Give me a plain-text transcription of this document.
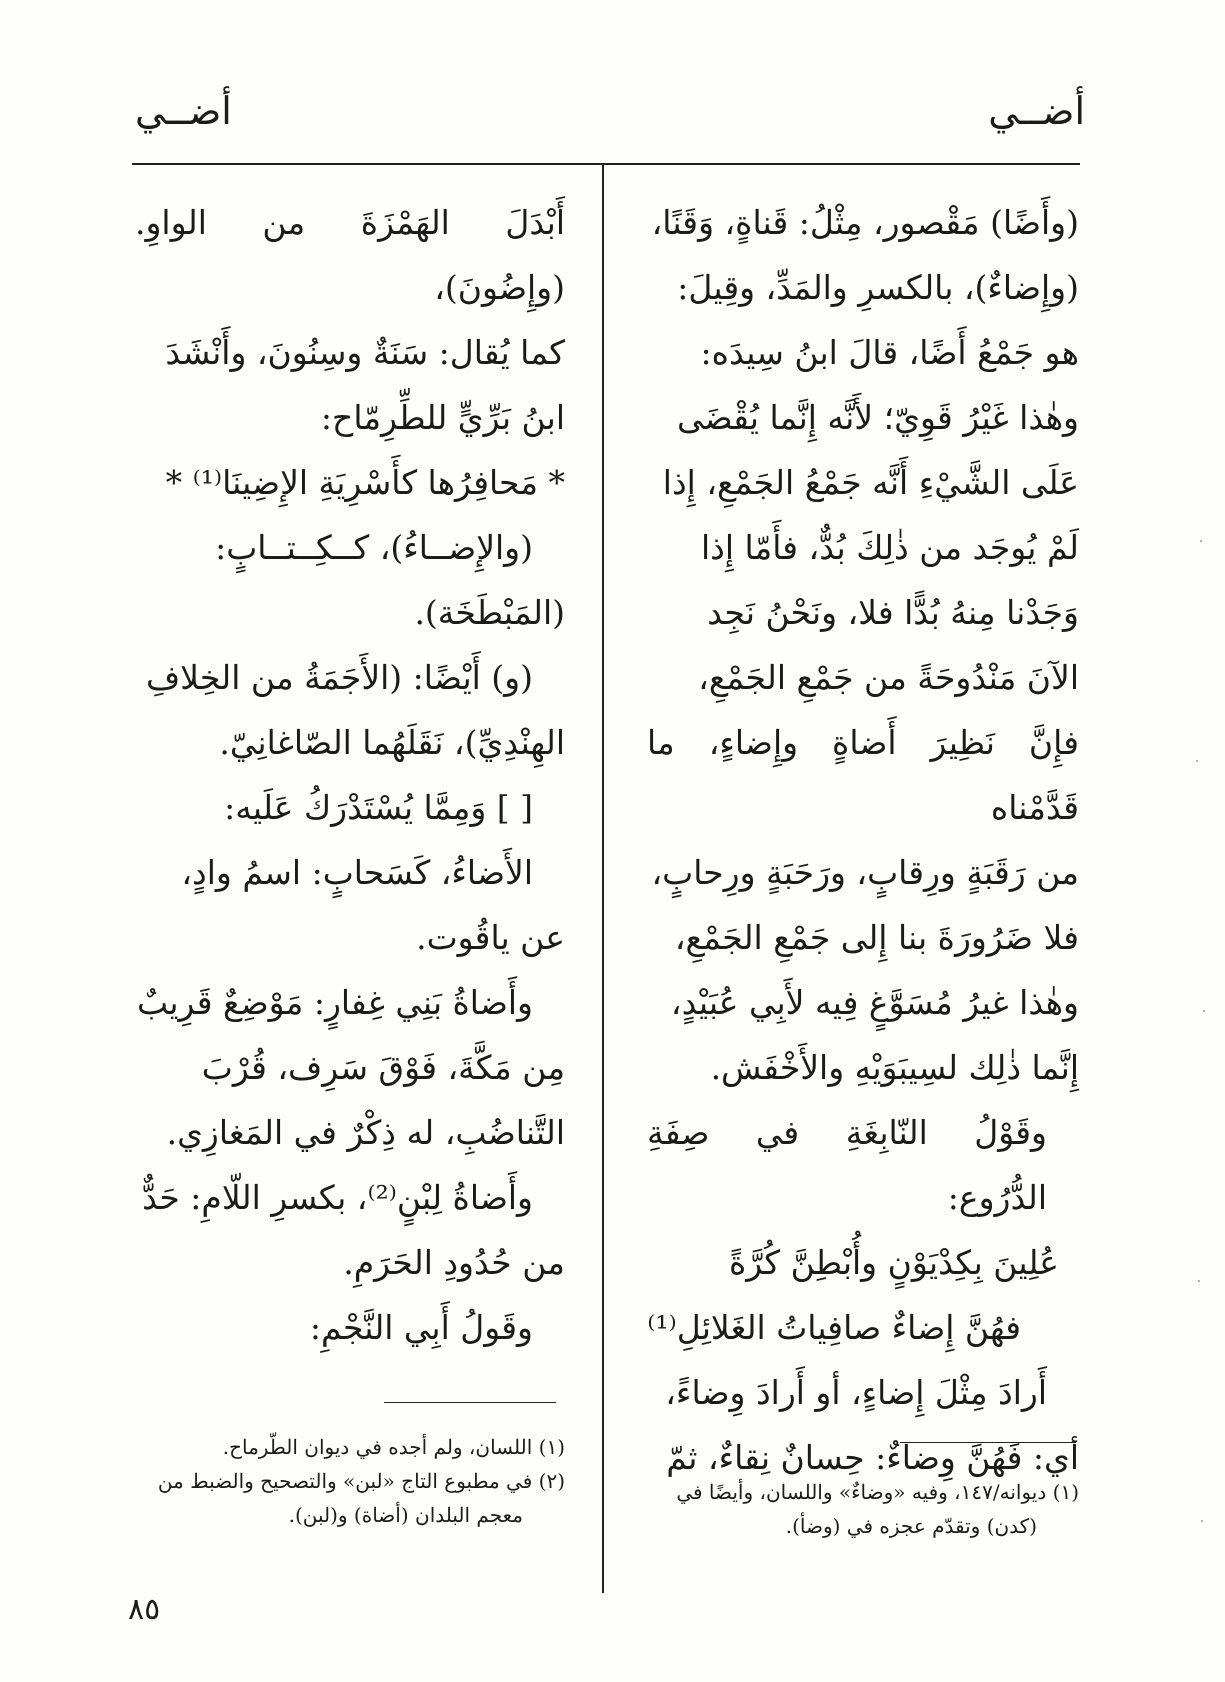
أضــي
أضــي

(وأَضًا) مَقْصور، مِثْلُ: قَناةٍ، وَقَنًا،

(وإِضاءٌ)، بالكسرِ والمَدِّ، وقِيلَ:

هو جَمْعُ أَضًا، قالَ ابنُ سِيدَه:

وهٰذا غَيْرُ قَوِيّ؛ لأَنَّه إِنَّما يُقْضَى

عَلَى الشَّيْءِ أَنَّه جَمْعُ الجَمْعِ، إِذا

لَمْ يُوجَد من ذٰلِكَ بُدٌّ، فأَمّا إِذا

وَجَدْنا مِنهُ بُدًّا فلا، ونَحْنُ نَجِد

الآنَ مَنْدُوحَةً من جَمْعِ الجَمْعِ،

فإِنَّ نَظِيرَ أَضاةٍ وإِضاءٍ، ما قَدَّمْناه

من رَقَبَةٍ ورِقابٍ، ورَحَبَةٍ ورِحابٍ،

فلا ضَرُورَةَ بنا إِلى جَمْعِ الجَمْعِ،

وهٰذا غيرُ مُسَوَّغٍ فِيه لأَبِي عُبَيْدٍ،

إِنَّما ذٰلِك لسِيبَوَيْهِ والأَخْفَش.

وقَوْلُ النّابِغَةِ في صِفَةِ الدُّرُوع:

عُلِينَ بِكِدْيَوْنٍ وأُبْطِنَّ كُرَّةً

فهُنَّ إِضاءٌ صافِياتُ الغَلائِلِ⁽¹⁾

أَرادَ مِثْلَ إِضاءٍ، أو أَرادَ وِضاءً،

أي: فَهُنَّ وِضاءٌ: حِسانٌ نِقاءٌ، ثمّ

أَبْدَلَ الهَمْزَةَ من الواوِ. (وإِضُونَ)،

كما يُقال: سَنَةٌ وسِنُونَ، وأَنْشَدَ

ابنُ بَرِّيٍّ للطِّرِمّاح:

* مَحافِرُها كأَسْرِيَةِ الإِضِينَا⁽¹⁾ *

(والإِضــاءُ)، كــكِــتــابٍ:

(المَبْطَخَة).

(و) أَيْضًا: (الأَجَمَةُ من الخِلافِ

الهِنْدِيِّ)، نَقَلَهُما الصّاغانِيّ.

[ ] وَمِمَّا يُسْتَدْرَكُ عَلَيه:

الأَضاءُ، كَسَحابٍ: اسمُ وادٍ،

عن ياقُوت.

وأَضاةُ بَنِي غِفارٍ: مَوْضِعٌ قَرِيبٌ

مِن مَكَّةَ، فَوْقَ سَرِف، قُرْبَ

التَّناضُبِ، له ذِكْرٌ في المَغازِي.

وأَضاةُ لِبْنٍ⁽²⁾، بكسرِ اللّامِ: حَدٌّ

من حُدُودِ الحَرَمِ.

وقَولُ أَبِي النَّجْمِ:

(١) ديوانه/١٤٧، وفيه «وضاءٌ» واللسان، وأيضًا في

(كدن) وتقدّم عجزه في (وضأ).

(١) اللسان، ولم أجده في ديوان الطّرماح.

(٢) في مطبوع التاج «لبن» والتصحيح والضبط من

معجم البلدان (أضاة) و(لبن).

٨٥
